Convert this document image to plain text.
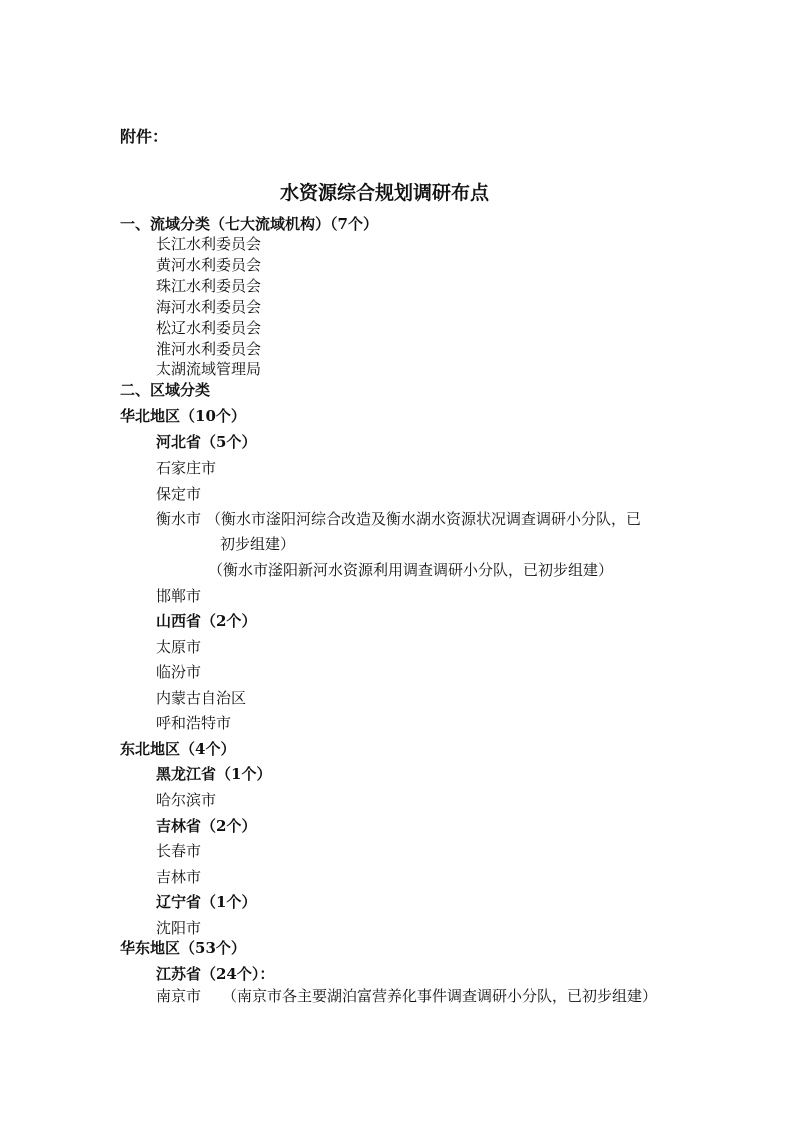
附件：
水资源综合规划调研布点
一、流域分类（七大流域机构）（7个）
长江水利委员会
黄河水利委员会
珠江水利委员会
海河水利委员会
松辽水利委员会
淮河水利委员会
太湖流域管理局
二、区域分类
华北地区（10个）
河北省（5个）
石家庄市
保定市
衡水市 （衡水市滏阳河综合改造及衡水湖水资源状况调查调研小分队，已
初步组建）
（衡水市滏阳新河水资源利用调查调研小分队，已初步组建）
邯郸市
山西省（2个）
太原市
临汾市
内蒙古自治区
呼和浩特市
东北地区（4个）
黑龙江省（1个）
哈尔滨市
吉林省（2个）
长春市
吉林市
辽宁省（1个）
沈阳市
华东地区（53个）
江苏省（24个）：
南京市 （南京市各主要湖泊富营养化事件调查调研小分队，已初步组建）
